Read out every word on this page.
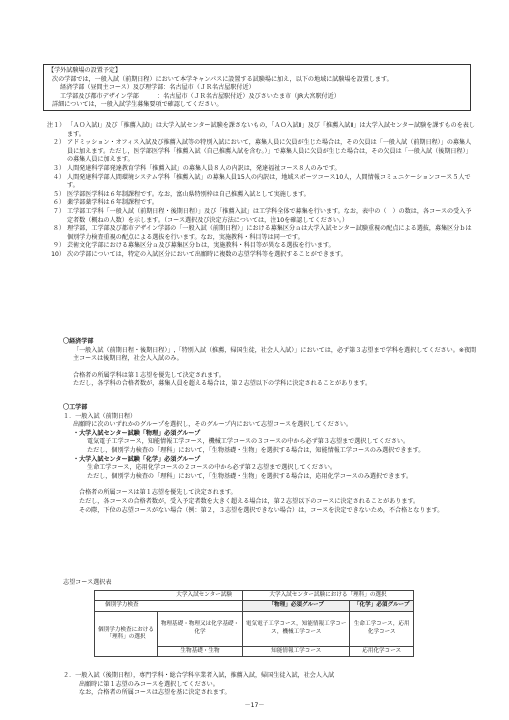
【学外試験場の設置予定】
次の学部では，一般入試（前期日程）において本学キャンパスに設置する試験場に加え，以下の地域に試験場を設置します。
経済学部（昼間主コース）及び理学部：名古屋市（ＪＲ名古屋駅付近）
工学部及び都市デザイン学部　　　：名古屋市（ＪＲ名古屋駅付近）及びさいたま市（JR大宮駅付近）
詳細については，一般入試学生募集要項で確認してください。
注１） 「ＡＯ入試Ⅰ」及び「推薦入試Ⅰ」は大学入試センター試験を課さないもの，「ＡＯ入試Ⅱ」及び「推薦入試Ⅱ」は大学入試センター試験を課すものを表します。
２） アドミッション・オフィス入試及び推薦入試等の特別入試において，募集人員に欠員が生じた場合は，その欠員は「一般入試（前期日程）」の募集人員に加えます。ただし，医学部医学科「推薦入試（自己推薦入試を含む。）」で募集人員に欠員が生じた場合は，その欠員は「一般入試（後期日程）」の募集人員に加えます。
３） 人間発達科学部発達教育学科「推薦入試」の募集人員８人の内訳は，発達福祉コース８人のみです。
４） 人間発達科学部人間環境システム学科「推薦入試」の募集人員15人の内訳は，地域スポーツコース10人，人間情報コミュニケーションコース５人です。
５） 医学部医学科は６年制課程です。なお，富山県特別枠は自己推薦入試として実施します。
６） 薬学部薬学科は６年制課程です。
７） 工学部工学科「一般入試（前期日程・後期日程）」及び「推薦入試」は工学科全体で募集を行います。なお，表中の（　）の数は，各コースの受入予定者数（概ねの人数）を示します。（コース選択及び決定方法については，注10を確認してください。）
８） 理学部，工学部及び都市デザイン学部の「一般入試（前期日程）」における募集区分ａは大学入試センター試験重視の配点による選抜，募集区分ｂは個別学力検査重視の配点による選抜を行います。なお，実施教科・科目等は同一です。
９） 芸術文化学部における募集区分ａ及び募集区分ｂは，実施教科・科目等が異なる選抜を行います。
10） 次の学部については，特定の入試区分において出願時に複数の志望学科等を選択することができます。
〇経済学部
「一般入試（前期日程・後期日程）」,「特別入試（推薦，帰国生徒，社会人入試）」においては，必ず第３志望まで学科を選択してください。※夜間主コースは後期日程，社会人入試のみ。
合格者の所属学科は第１志望を優先して決定されます。
ただし，各学科の合格者数が，募集人員を超える場合は，第２志望以下の学科に決定されることがあります。
〇工学部
１．一般入試（前期日程）
出願時に次のいずれかのグループを選択し，そのグループ内において志望コースを選択してください。
・大学入試センター試験「物理」必須グループ
電気電子工学コース，知能情報工学コース，機械工学コースの３コースの中から必ず第３志望まで選択してください。
ただし，個別学力検査の「理科」において，「生物基礎・生物」を選択する場合は，知能情報工学コースのみ選択できます。
・大学入試センター試験「化学」必須グループ
生命工学コース，応用化学コースの２コースの中から必ず第２志望まで選択してください。
ただし，個別学力検査の「理科」において，「生物基礎・生物」を選択する場合は，応用化学コースのみ選択できます。
合格者の所属コースは第１志望を優先して決定されます。
ただし，各コースの合格者数が，受入予定者数を大きく超える場合は，第２志望以下のコースに決定されることがあります。
その際，下位の志望コースがない場合（例：第２，３志望を選択できない場合）は，コースを決定できないため，不合格となります。
志望コース選択表
大学入試センター試験		大学入試センター試験における「理科」の選択	
個別学力検査		「物理」必須グループ	「化学」必須グループ
個別学力検査における「理科」の選択	物理基礎・物理又は化学基礎・化学	電気電子工学コース，知能情報工学コース，機械工学コース	生命工学コース，応用化学コース
	生物基礎・生物	知能情報工学コース	応用化学コース
２．一般入試（後期日程），専門学科・総合学科卒業者入試，推薦入試，帰国生徒入試，社会人入試
出願時に第１志望のみコースを選択してください。
なお，合格者の所属コースは志望を基に決定されます。
－17－
